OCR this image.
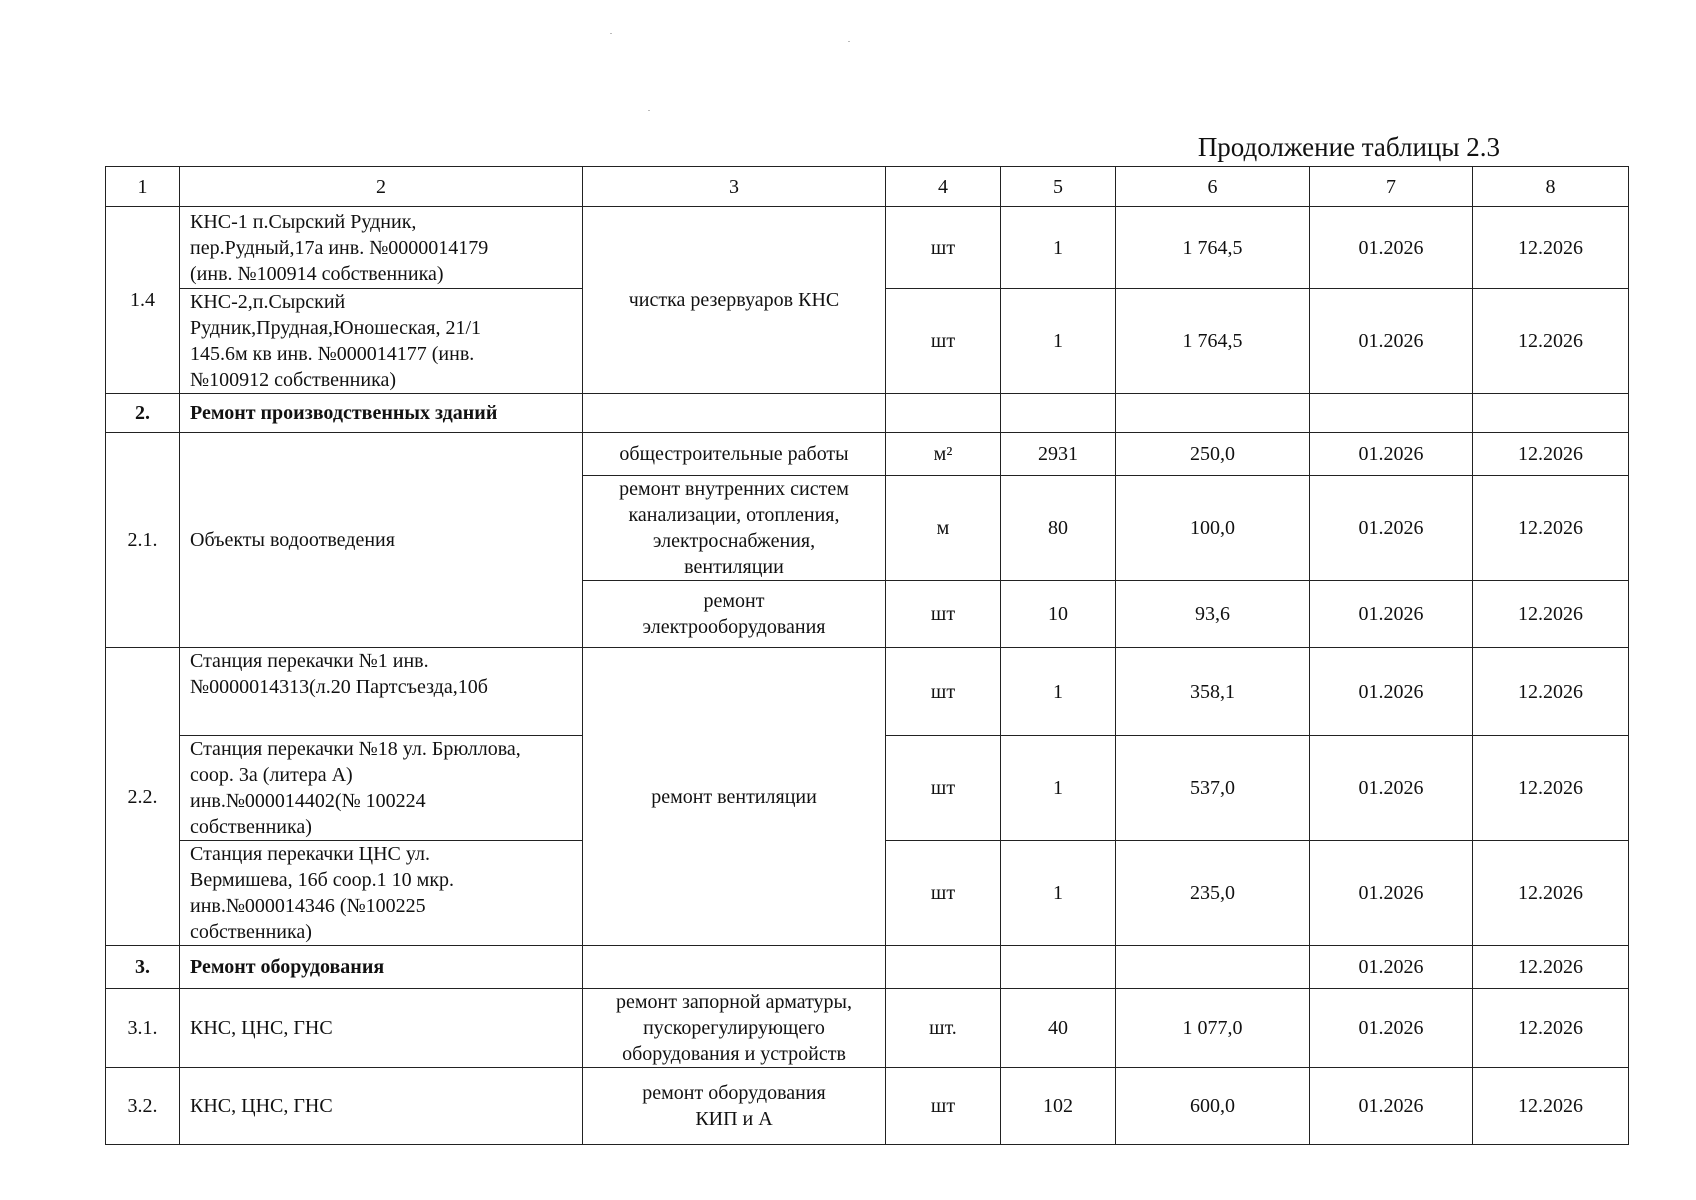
Продолжение таблицы 2.3
1	2	3	4	5	6	7	8
1.4	КНС-1 п.Сырский Рудник,
пер.Рудный,17а инв. №0000014179
(инв. №100914 собственника)	чистка резервуаров КНС	шт	1	1 764,5	01.2026	12.2026
	КНС-2,п.Сырский
Рудник,Прудная,Юношеская, 21/1
145.6м кв инв. №000014177 (инв.
№100912 собственника)		шт	1	1 764,5	01.2026	12.2026
2.	Ремонт производственных зданий						
2.1.	Объекты водоотведения	общестроительные работы	м²	2931	250,0	01.2026	12.2026
		ремонт внутренних систем
канализации, отопления,
электроснабжения,
вентиляции	м	80	100,0	01.2026	12.2026
		ремонт
электрооборудования	шт	10	93,6	01.2026	12.2026
2.2.	Станция перекачки №1 инв.
№0000014313(л.20 Партсъезда,10б	ремонт вентиляции	шт	1	358,1	01.2026	12.2026
	Станция перекачки №18 ул. Брюллова,
соор. 3а (литера А)
инв.№000014402(№ 100224
собственника)		шт	1	537,0	01.2026	12.2026
	Станция перекачки ЦНС ул.
Вермишева, 16б соор.1 10 мкр.
инв.№000014346 (№100225
собственника)		шт	1	235,0	01.2026	12.2026
3.	Ремонт оборудования					01.2026	12.2026
3.1.	КНС, ЦНС, ГНС	ремонт запорной арматуры,
пускорегулирующего
оборудования и устройств	шт.	40	1 077,0	01.2026	12.2026
3.2.	КНС, ЦНС, ГНС	ремонт оборудования
КИП и А	шт	102	600,0	01.2026	12.2026
